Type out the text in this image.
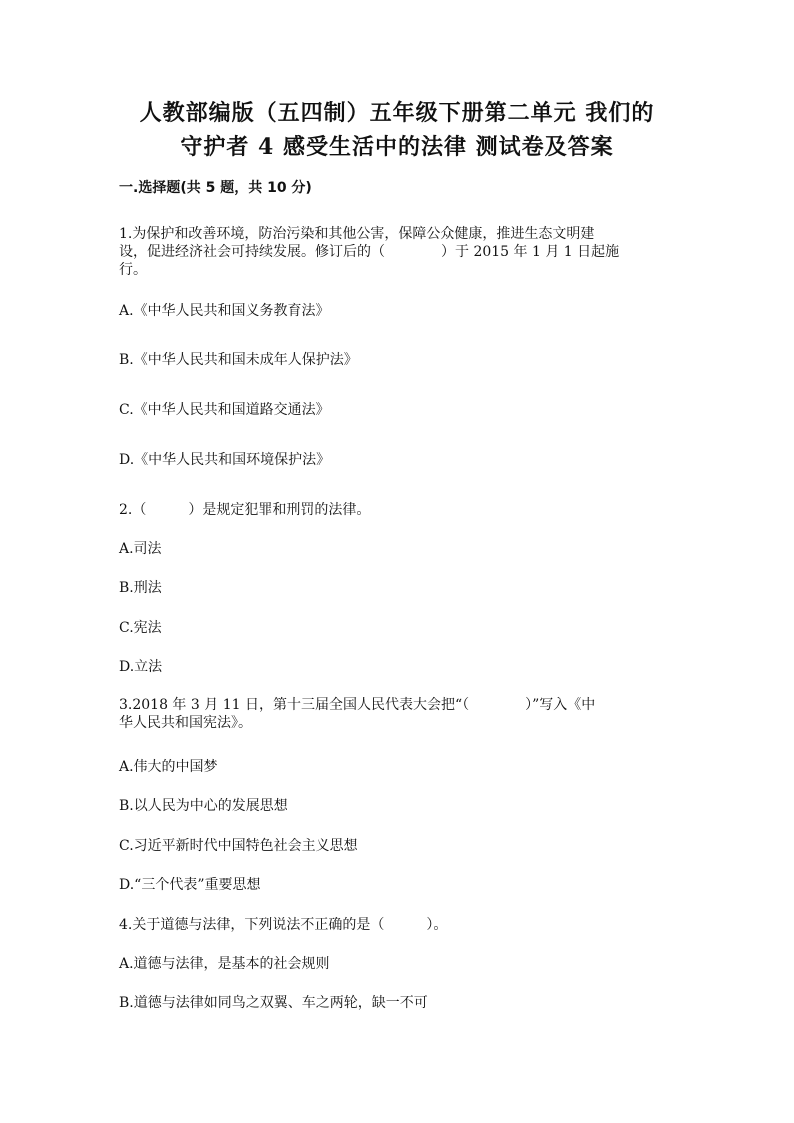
人教部编版（五四制）五年级下册第二单元 我们的
守护者 4 感受生活中的法律 测试卷及答案
一.选择题(共 5 题，共 10 分)
1.为保护和改善环境，防治污染和其他公害，保障公众健康，推进生态文明建
设，促进经济社会可持续发展。修订后的（　　　　）于 2015 年 1 月 1 日起施
行。
A.《中华人民共和国义务教育法》
B.《中华人民共和国未成年人保护法》
C.《中华人民共和国道路交通法》
D.《中华人民共和国环境保护法》
2.（　　　）是规定犯罪和刑罚的法律。
A.司法
B.刑法
C.宪法
D.立法
3.2018 年 3 月 11 日，第十三届全国人民代表大会把“（　　　　）”写入《中
华人民共和国宪法》。
A.伟大的中国梦
B.以人民为中心的发展思想
C.习近平新时代中国特色社会主义思想
D.“三个代表”重要思想
4.关于道德与法律，下列说法不正确的是（　　　）。
A.道德与法律，是基本的社会规则
B.道德与法律如同鸟之双翼、车之两轮，缺一不可
